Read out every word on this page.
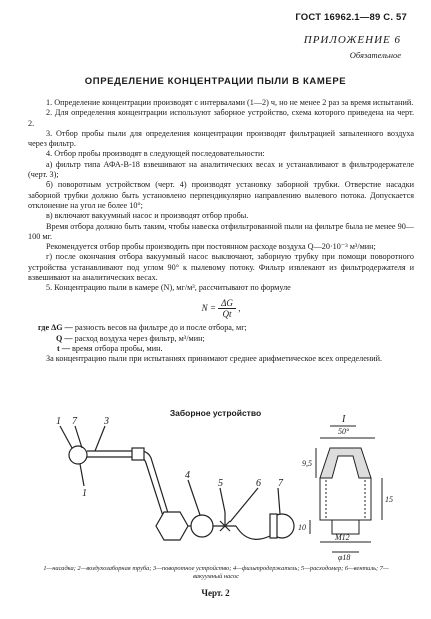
ГОСТ 16962.1—89 С. 57
ПРИЛОЖЕНИЕ 6
Обязательное
ОПРЕДЕЛЕНИЕ КОНЦЕНТРАЦИИ ПЫЛИ В КАМЕРЕ

1. Определение концентрации производят с интервалами (1—2) ч, но не менее 2 раз за время испытаний.

2. Для определения концентрации используют заборное устройство, схема которого приведена на черт. 2.

3. Отбор пробы пыли для определения концентрации производят фильтрацией запыленного воздуха через фильтр.

4. Отбор пробы производят в следующей последовательности:

а) фильтр типа АФА-В-18 взвешивают на аналитических весах и устанавливают в фильтродержателе (черт. 3);

б) поворотным устройством (черт. 4) производят установку заборной трубки. Отверстие насадки заборной трубки должно быть установлено перпендикулярно направлению вылевого потока. Допускается отклонение на угол не более 10°;

в) включают вакуумный насос и производят отбор пробы.

Время отбора должно быть таким, чтобы навеска отфильтрованной пыли на фильтре была не менее 90—100 мг.

Рекомендуется отбор пробы производить при постоянном расходе воздуха Q—20·10⁻³ м³/мин;

г) после окончания отбора вакуумный насос выключают, заборную трубку при помощи поворотного устройства устанавливают под углом 90° к пылевому потоку. Фильтр извлекают из фильтродержателя и взвешивают на аналитических весах.

5. Концентрацию пыли в камере (N), мг/м³, рассчитывают по формуле

$N = \frac{\Delta G}{Qt}$ ,
где ΔG — разность весов на фильтре до и после отбора, мг;
Q — расход воздуха через фильтр, м³/мин;
t — время отбора пробы, мин.

За концентрацию пыли при испытаниях принимают среднее арифметическое всех определений.

Заборное устройство
1 7	3
1
4
5	6 7
I
50°
9,5
15
10
М12
φ18
1—насадка; 2—воздухозаборная труба; 3—поворотное устройство; 4—фильтродержатель; 5—расходомер; 6—вентиль; 7—вакуумный насос
Черт. 2
